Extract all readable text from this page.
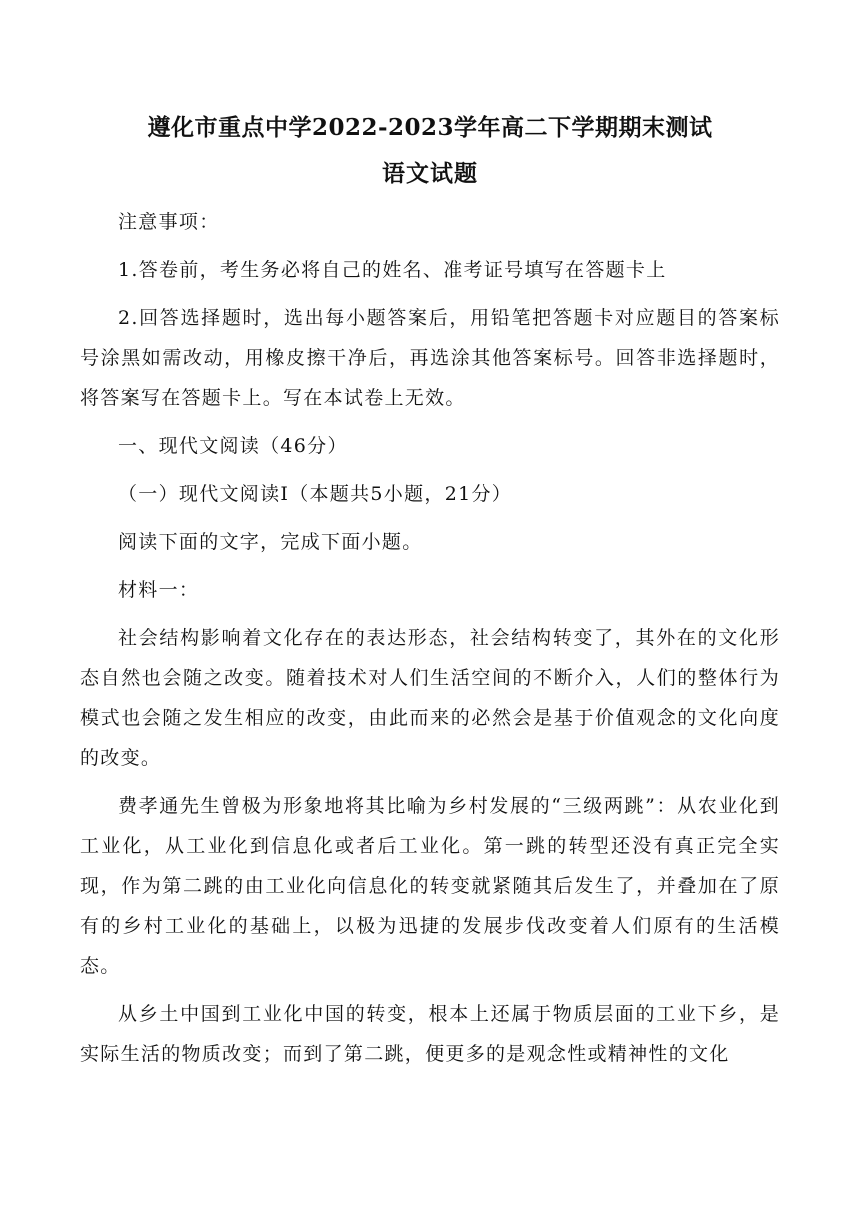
遵化市重点中学2022-2023学年高二下学期期末测试
语文试题

注意事项：

1.答卷前，考生务必将自己的姓名、准考证号填写在答题卡上

2.回答选择题时，选出每小题答案后，用铅笔把答题卡对应题目的答案标号涂黑如需改动，用橡皮擦干净后，再选涂其他答案标号。回答非选择题时，将答案写在答题卡上。写在本试卷上无效。

一、现代文阅读（46分）

（一）现代文阅读Ⅰ（本题共5小题，21分）

阅读下面的文字，完成下面小题。

材料一：

社会结构影响着文化存在的表达形态，社会结构转变了，其外在的文化形态自然也会随之改变。随着技术对人们生活空间的不断介入，人们的整体行为模式也会随之发生相应的改变，由此而来的必然会是基于价值观念的文化向度的改变。

费孝通先生曾极为形象地将其比喻为乡村发展的“三级两跳”：从农业化到工业化，从工业化到信息化或者后工业化。第一跳的转型还没有真正完全实现，作为第二跳的由工业化向信息化的转变就紧随其后发生了，并叠加在了原有的乡村工业化的基础上，以极为迅捷的发展步伐改变着人们原有的生活模态。

从乡土中国到工业化中国的转变，根本上还属于物质层面的工业下乡，是实际生活的物质改变；而到了第二跳，便更多的是观念性或精神性的文化
